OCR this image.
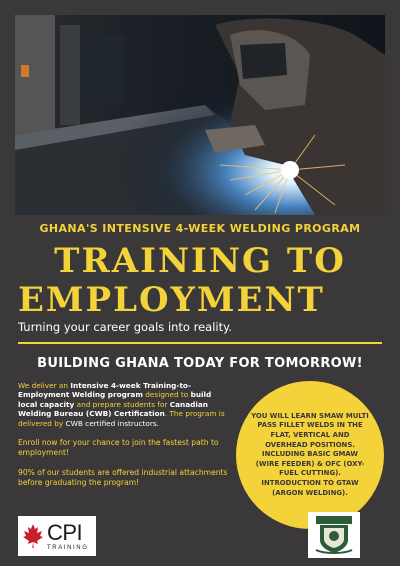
GHANA'S INTENSIVE 4-WEEK WELDING PROGRAM
TRAINING TO
EMPLOYMENT
Turning your career goals into reality.
BUILDING GHANA TODAY FOR TOMORROW!

We deliver an Intensive 4-week Training-to-Employment Welding program designed to build local capacity and prepare students for Canadian Welding Bureau (CWB) Certification. The program is delivered by CWB certified instructors.

Enroll now for your chance to join the fastest path to employment!

90% of our students are offered industrial attachments before graduating the program!

YOU WILL LEARN SMAW MULTI PASS FILLET WELDS IN THE FLAT, VERTICAL AND OVERHEAD POSITIONS. INCLUDING BASIC GMAW (WIRE FEEDER) & OFC (OXY-FUEL CUTTING). INTRODUCTION TO GTAW (ARGON WELDING).
CPI
TRAINING
